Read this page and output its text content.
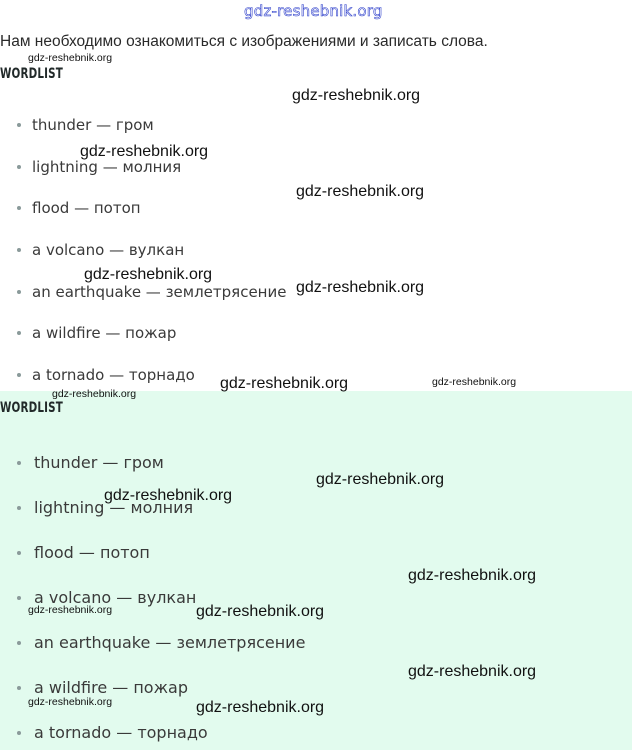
gdz-reshebnik.org
Нам необходимо ознакомиться с изображениями и записать слова.
WORDLIST
thunder — гром
lightning — молния
flood — потоп
a volcano — вулкан
an earthquake — землетрясение
a wildfire — пожар
a tornado — торнадо
WORDLIST
thunder — гром
lightning — молния
flood — потоп
a volcano — вулкан
an earthquake — землетрясение
a wildfire — пожар
a tornado — торнадо
gdz-reshebnik.org
gdz-reshebnik.org
gdz-reshebnik.org
gdz-reshebnik.org
gdz-reshebnik.org
gdz-reshebnik.org
gdz-reshebnik.org	gdz-reshebnik.org
gdz-reshebnik.org
gdz-reshebnik.org
gdz-reshebnik.org
gdz-reshebnik.org
gdz-reshebnik.org	gdz-reshebnik.org
gdz-reshebnik.org
gdz-reshebnik.org	gdz-reshebnik.org
